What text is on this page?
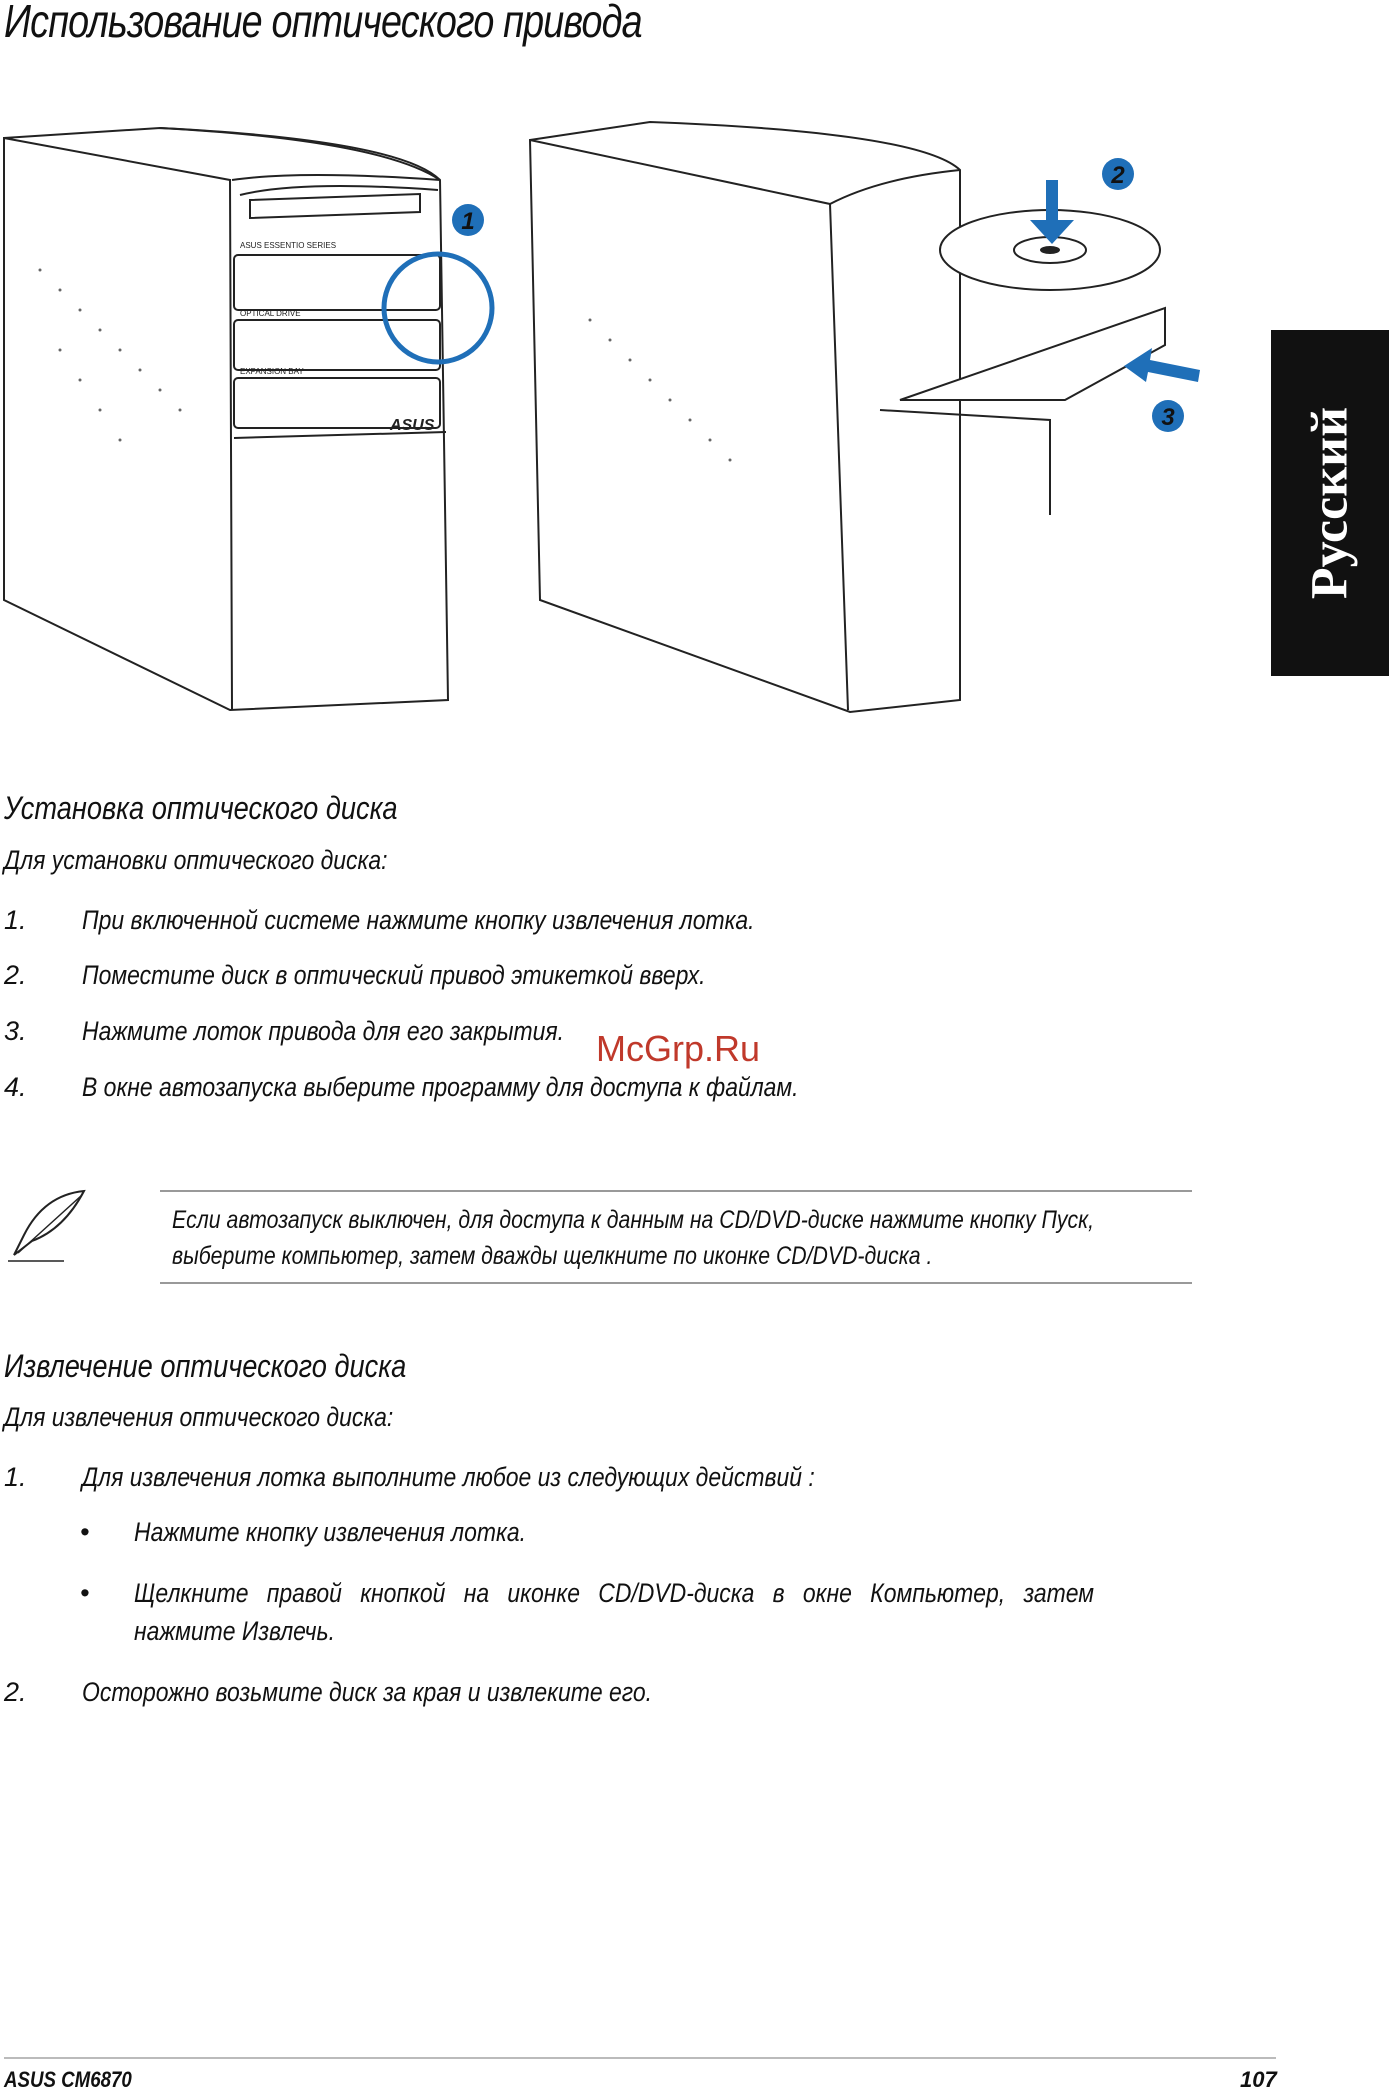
Использование оптического привода
1
2
3
ASUS ESSENTIO SERIES
OPTICAL DRIVE
EXPANSION BAY
ASUS	Русский
Установка оптического диска
Для установки оптического диска:
1. При включенной системе нажмите кнопку извлечения лотка.
2. Поместите диск в оптический привод этикеткой вверх.
3. Нажмите лоток привода для его закрытия.
4. В окне автозапуска выберите программу для доступа к файлам.
McGrp.Ru
Если автозапуск выключен, для доступа к данным на CD/DVD-диске нажмите кнопку Пуск,
выберите компьютер, затем дважды щелкните по иконке CD/DVD-диска .
Извлечение оптического диска
Для извлечения оптического диска:
1. Для извлечения лотка выполните любое из следующих действий :
• Нажмите кнопку извлечения лотка.
• Щелкните правой кнопкой на иконке CD/DVD-диска в окне Компьютер, затем
нажмите Извлечь.
2. Осторожно возьмите диск за края и извлеките его.
ASUS CM6870	107
